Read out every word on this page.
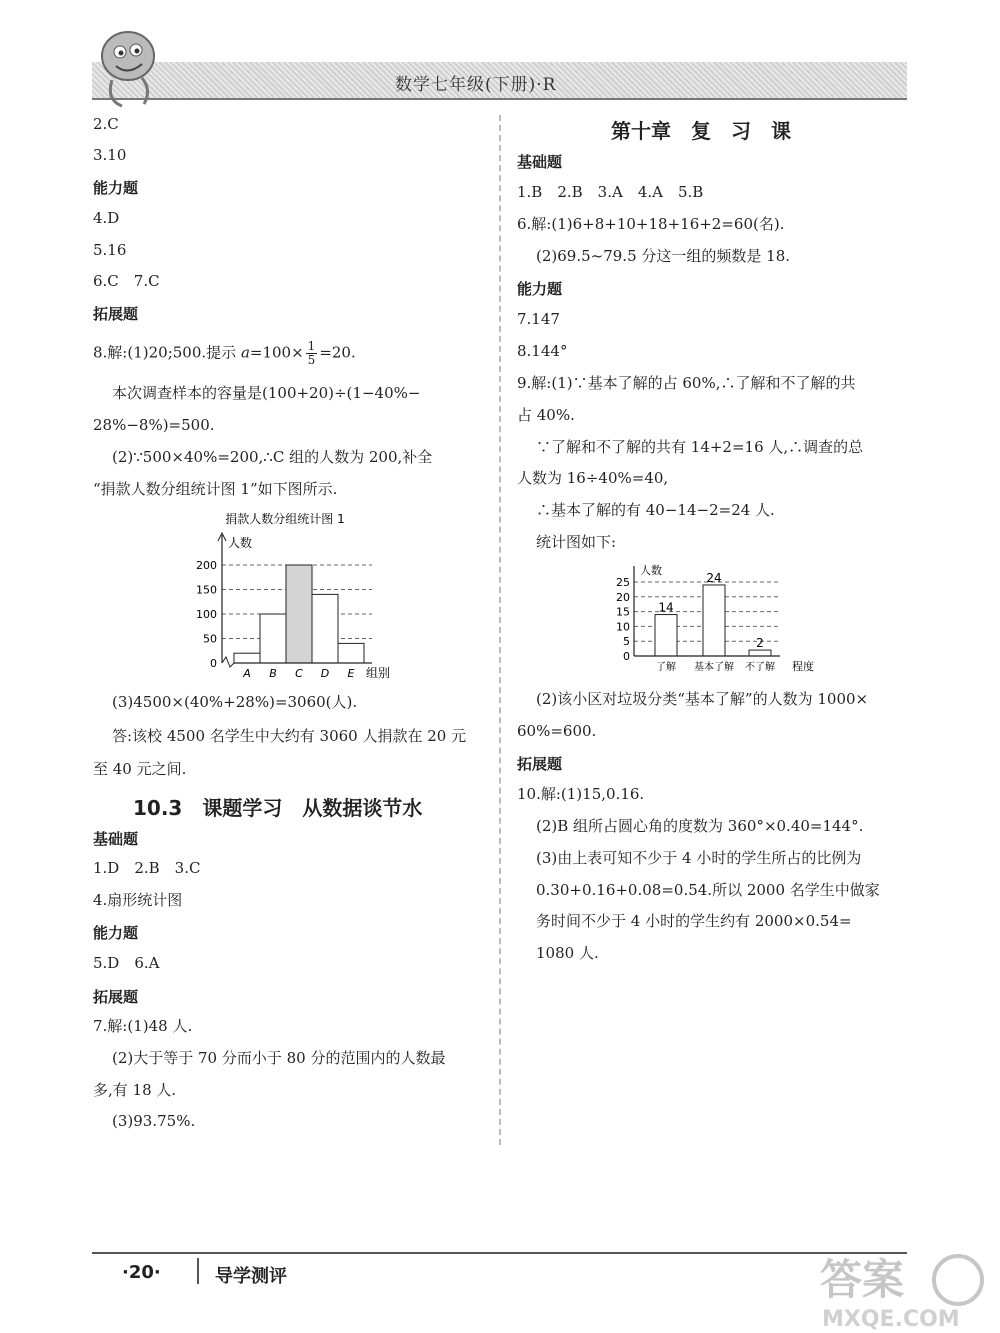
数学七年级(下册)·R
2.C
3.10
能力题
4.D
5.16
6.C　7.C
拓展题
8.解:(1)20;500.提示 $a=100\times \frac{1}{5} =20$.
本次调查样本的容量是(100+20)÷(1−40%−
28%−8%)=500.
(2)∵500×40%=200,∴C 组的人数为 200,补全
“捐款人数分组统计图 1”如下图所示.
捐款人数分组统计图 1
人数
组别
0
50
100
150
200
A B C D E
(3)4500×(40%+28%)=3060(人).
答:该校 4500 名学生中大约有 3060 人捐款在 20 元
至 40 元之间.
10.3　课题学习　从数据谈节水
基础题
1.D　2.B　3.C
4.扇形统计图
能力题
5.D　6.A
拓展题
7.解:(1)48 人.
(2)大于等于 70 分而小于 80 分的范围内的人数最
多,有 18 人.
(3)93.75%.
第十章　复　习　课
基础题
1.B　2.B　3.A　4.A　5.B
6.解:(1)6+8+10+18+16+2=60(名).
(2)69.5~79.5 分这一组的频数是 18.
能力题
7.147
8.144°
9.解:(1)∵基本了解的占 60%,∴了解和不了解的共
占 40%.
∵了解和不了解的共有 14+2=16 人,∴调查的总
人数为 16÷40%=40,
∴基本了解的有 40−14−2=24 人.
统计图如下:
人数
程度
0
5
10
15
20
25
了解 基本了解 不了解
14
24
2
(2)该小区对垃圾分类“基本了解”的人数为 1000×
60%=600.
拓展题
10.解:(1)15,0.16.
(2)B 组所占圆心角的度数为 360°×0.40=144°.
(3)由上表可知不少于 4 小时的学生所占的比例为
0.30+0.16+0.08=0.54.所以 2000 名学生中做家
务时间不少于 4 小时的学生约有 2000×0.54=
1080 人.
·20·	导学测评	答案
MXQE.COM
